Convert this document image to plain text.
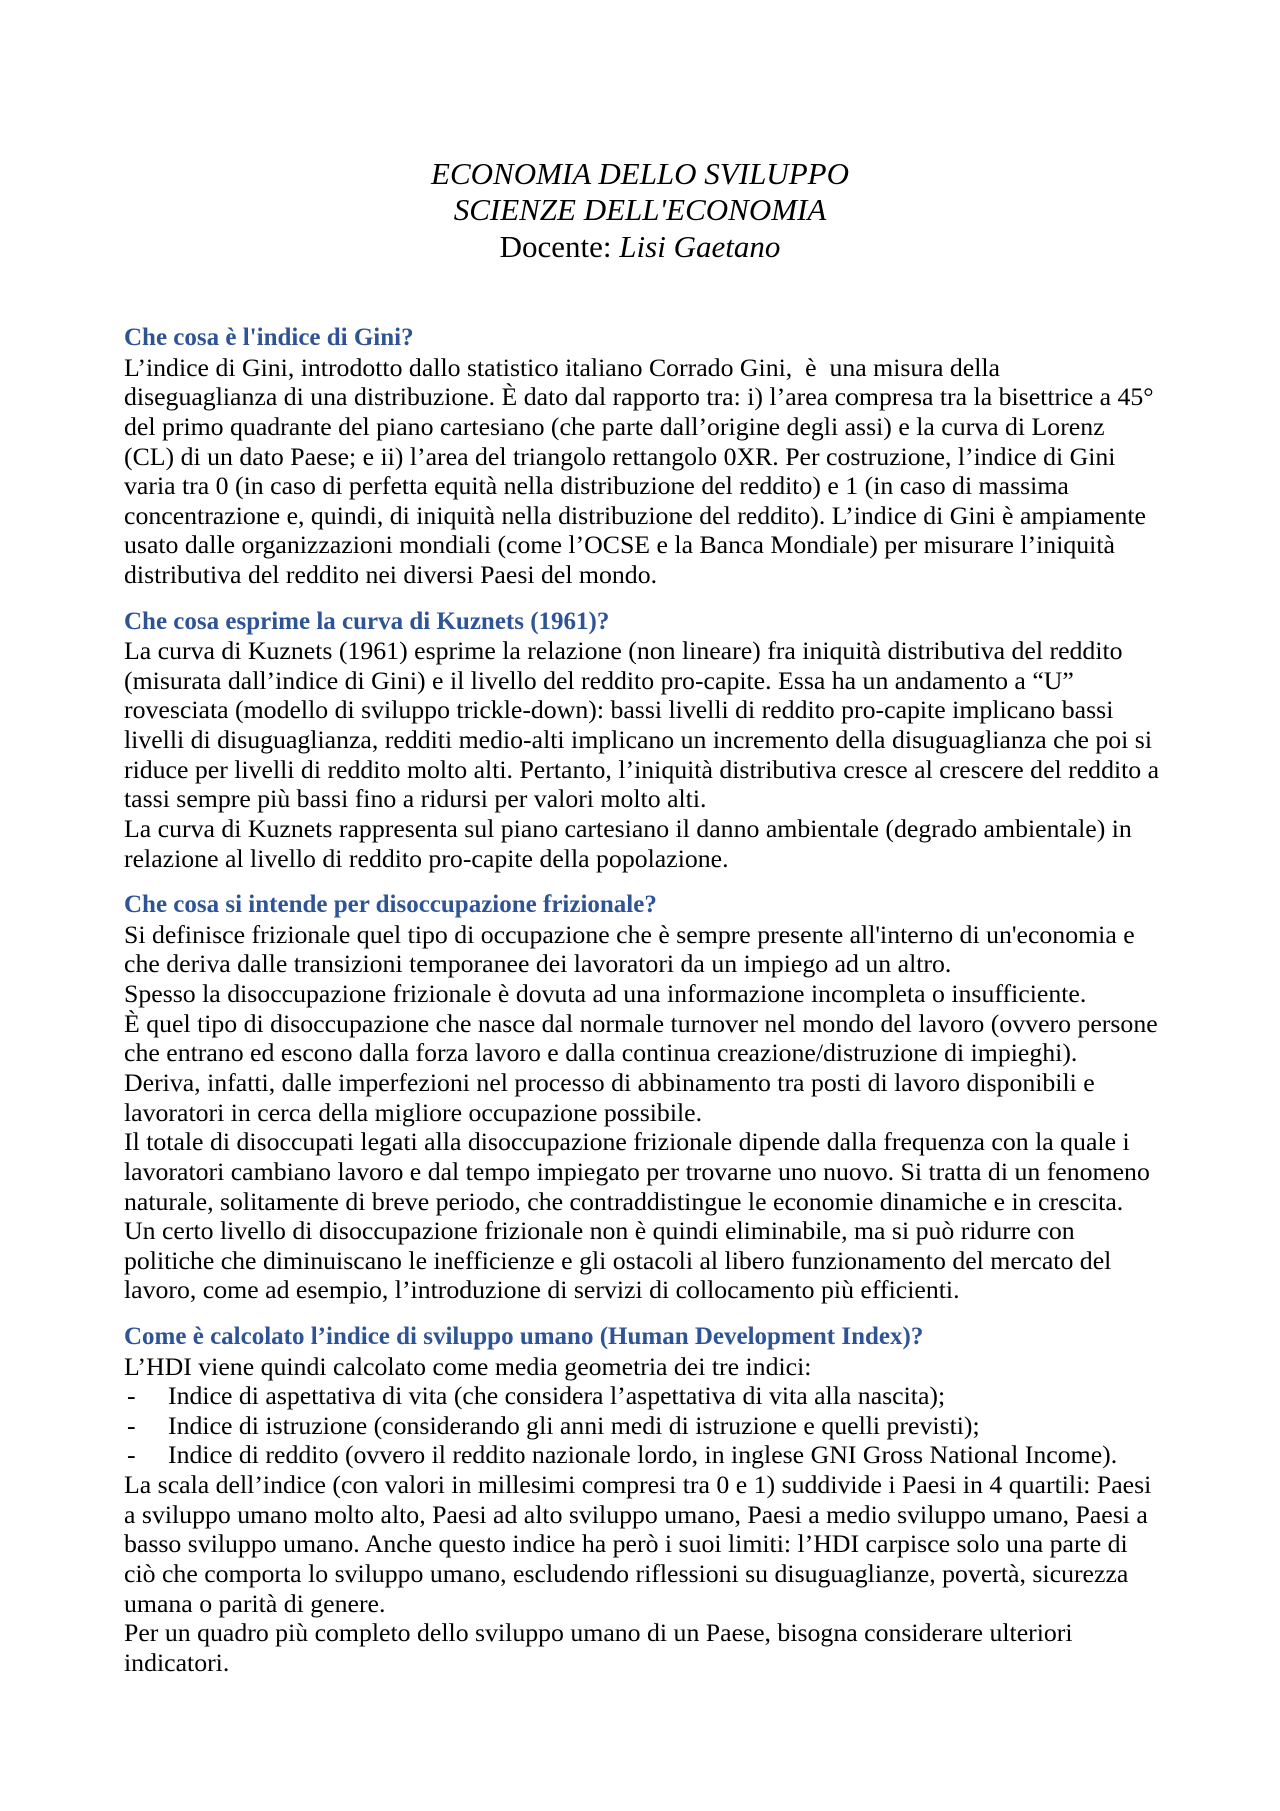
ECONOMIA DELLO SVILUPPO
SCIENZE DELL'ECONOMIA
Docente: Lisi Gaetano
Che cosa è l'indice di Gini?
L’indice di Gini, introdotto dallo statistico italiano Corrado Gini,  è  una misura della
diseguaglianza di una distribuzione. È dato dal rapporto tra: i) l’area compresa tra la bisettrice a 45°
del primo quadrante del piano cartesiano (che parte dall’origine degli assi) e la curva di Lorenz
(CL) di un dato Paese; e ii) l’area del triangolo rettangolo 0XR. Per costruzione, l’indice di Gini
varia tra 0 (in caso di perfetta equità nella distribuzione del reddito) e 1 (in caso di massima
concentrazione e, quindi, di iniquità nella distribuzione del reddito). L’indice di Gini è ampiamente
usato dalle organizzazioni mondiali (come l’OCSE e la Banca Mondiale) per misurare l’iniquità
distributiva del reddito nei diversi Paesi del mondo.
Che cosa esprime la curva di Kuznets (1961)?
La curva di Kuznets (1961) esprime la relazione (non lineare) fra iniquità distributiva del reddito
(misurata dall’indice di Gini) e il livello del reddito pro-capite. Essa ha un andamento a “U”
rovesciata (modello di sviluppo trickle-down): bassi livelli di reddito pro-capite implicano bassi
livelli di disuguaglianza, redditi medio-alti implicano un incremento della disuguaglianza che poi si
riduce per livelli di reddito molto alti. Pertanto, l’iniquità distributiva cresce al crescere del reddito a
tassi sempre più bassi fino a ridursi per valori molto alti.
La curva di Kuznets rappresenta sul piano cartesiano il danno ambientale (degrado ambientale) in
relazione al livello di reddito pro-capite della popolazione.
Che cosa si intende per disoccupazione frizionale?
Si definisce frizionale quel tipo di occupazione che è sempre presente all'interno di un'economia e
che deriva dalle transizioni temporanee dei lavoratori da un impiego ad un altro.
Spesso la disoccupazione frizionale è dovuta ad una informazione incompleta o insufficiente.
È quel tipo di disoccupazione che nasce dal normale turnover nel mondo del lavoro (ovvero persone
che entrano ed escono dalla forza lavoro e dalla continua creazione/distruzione di impieghi).
Deriva, infatti, dalle imperfezioni nel processo di abbinamento tra posti di lavoro disponibili e
lavoratori in cerca della migliore occupazione possibile.
Il totale di disoccupati legati alla disoccupazione frizionale dipende dalla frequenza con la quale i
lavoratori cambiano lavoro e dal tempo impiegato per trovarne uno nuovo. Si tratta di un fenomeno
naturale, solitamente di breve periodo, che contraddistingue le economie dinamiche e in crescita.
Un certo livello di disoccupazione frizionale non è quindi eliminabile, ma si può ridurre con
politiche che diminuiscano le inefficienze e gli ostacoli al libero funzionamento del mercato del
lavoro, come ad esempio, l’introduzione di servizi di collocamento più efficienti.
Come è calcolato l’indice di sviluppo umano (Human Development Index)?
L’HDI viene quindi calcolato come media geometria dei tre indici:
-	Indice di aspettativa di vita (che considera l’aspettativa di vita alla nascita);
-	Indice di istruzione (considerando gli anni medi di istruzione e quelli previsti);
-	Indice di reddito (ovvero il reddito nazionale lordo, in inglese GNI Gross National Income).
La scala dell’indice (con valori in millesimi compresi tra 0 e 1) suddivide i Paesi in 4 quartili: Paesi
a sviluppo umano molto alto, Paesi ad alto sviluppo umano, Paesi a medio sviluppo umano, Paesi a
basso sviluppo umano. Anche questo indice ha però i suoi limiti: l’HDI carpisce solo una parte di
ciò che comporta lo sviluppo umano, escludendo riflessioni su disuguaglianze, povertà, sicurezza
umana o parità di genere.
Per un quadro più completo dello sviluppo umano di un Paese, bisogna considerare ulteriori
indicatori.
